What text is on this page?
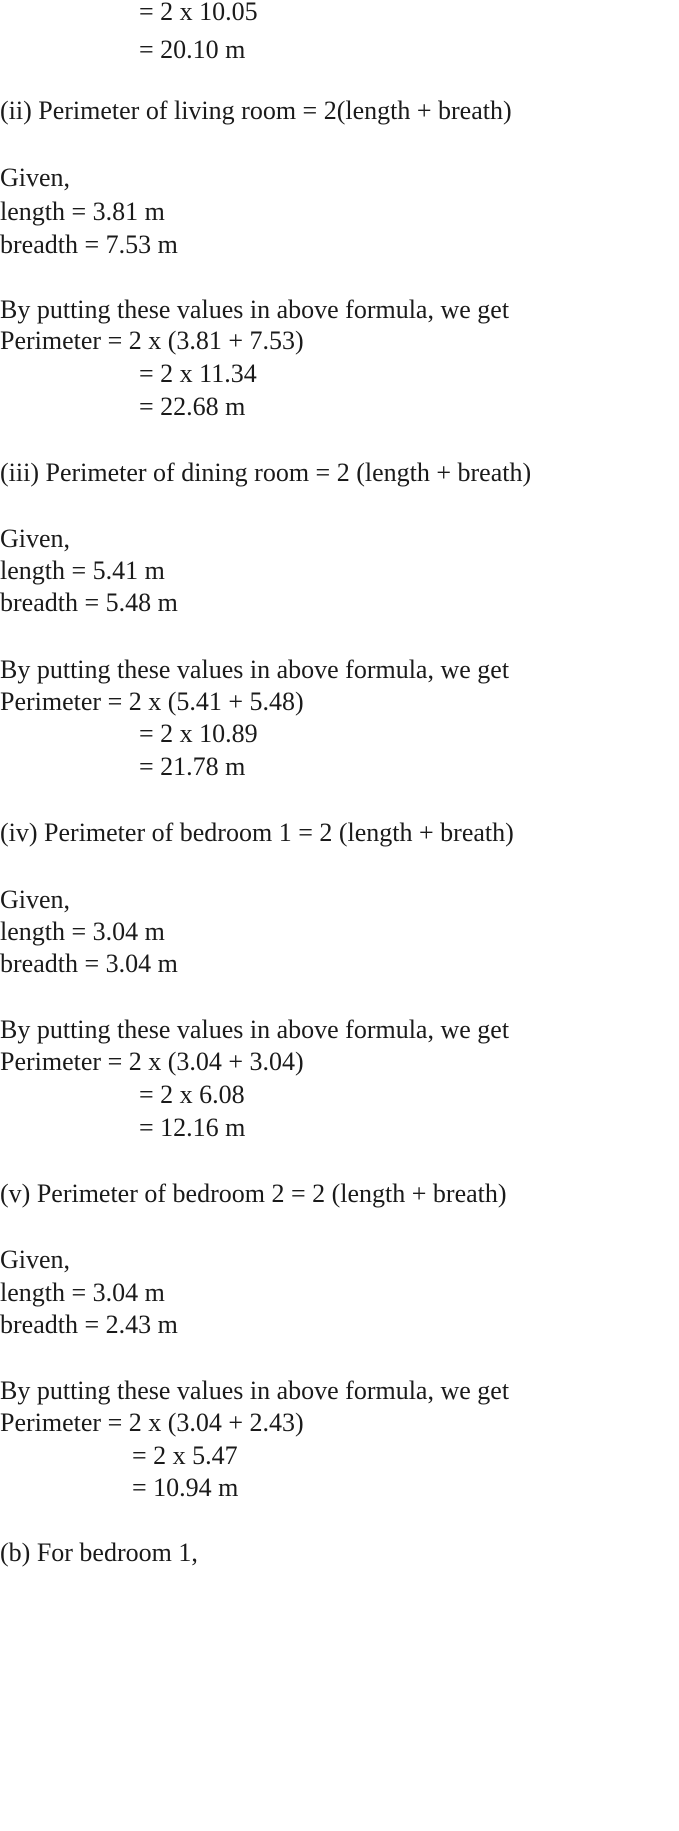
= 2 x 10.05
= 20.10 m
(ii) Perimeter of living room = 2(length + breath)
Given,
length = 3.81 m
breadth = 7.53 m
By putting these values in above formula, we get
Perimeter = 2 x (3.81 + 7.53)
= 2 x 11.34
= 22.68 m
(iii) Perimeter of dining room = 2 (length + breath)
Given,
length = 5.41 m
breadth = 5.48 m
By putting these values in above formula, we get
Perimeter = 2 x (5.41 + 5.48)
= 2 x 10.89
= 21.78 m
(iv) Perimeter of bedroom 1 = 2 (length + breath)
Given,
length = 3.04 m
breadth = 3.04 m
By putting these values in above formula, we get
Perimeter = 2 x (3.04 + 3.04)
= 2 x 6.08
= 12.16 m
(v) Perimeter of bedroom 2 = 2 (length + breath)
Given,
length = 3.04 m
breadth = 2.43 m
By putting these values in above formula, we get
Perimeter = 2 x (3.04 + 2.43)
= 2 x 5.47
= 10.94 m
(b) For bedroom 1,
